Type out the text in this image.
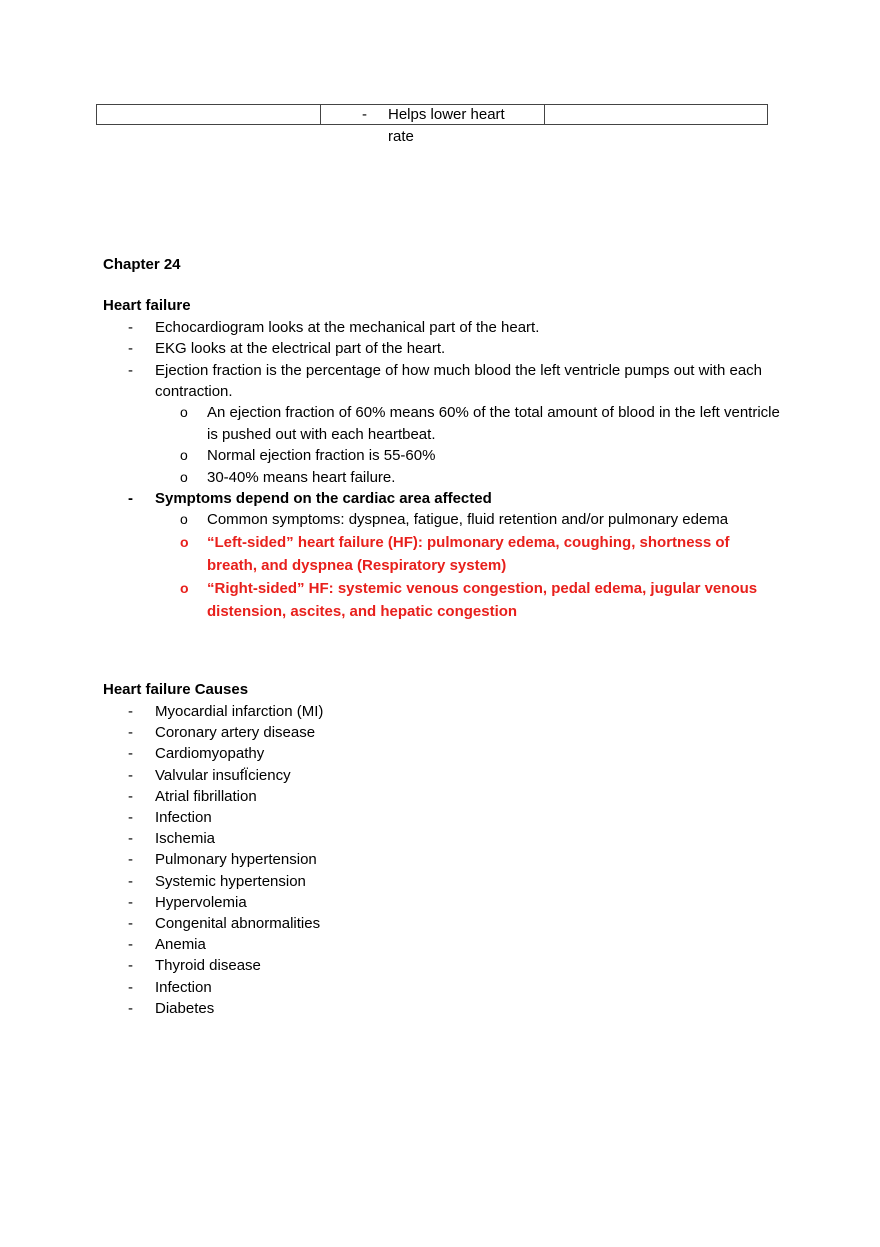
- Helps lower heart rate
Chapter 24
Heart failure
- Echocardiogram looks at the mechanical part of the heart.
- EKG looks at the electrical part of the heart.
- Ejection fraction is the percentage of how much blood the left ventricle pumps out with each contraction.
o An ejection fraction of 60% means 60% of the total amount of blood in the left ventricle is pushed out with each heartbeat.
o Normal ejection fraction is 55-60%
o 30-40% means heart failure.
- Symptoms depend on the cardiac area affected
o Common symptoms: dyspnea, fatigue, fluid retention and/or pulmonary edema
o “Left-sided” heart failure (HF): pulmonary edema, coughing, shortness of breath, and dyspnea (Respiratory system)
o “Right-sided” HF: systemic venous congestion, pedal edema, jugular venous distension, ascites, and hepatic congestion
Heart failure Causes
- Myocardial infarction (MI)
- Coronary artery disease
- Cardiomyopathy
- Valvular insufÏciency
- Atrial fibrillation
- Infection
- Ischemia
- Pulmonary hypertension
- Systemic hypertension
- Hypervolemia
- Congenital abnormalities
- Anemia
- Thyroid disease
- Infection
- Diabetes
